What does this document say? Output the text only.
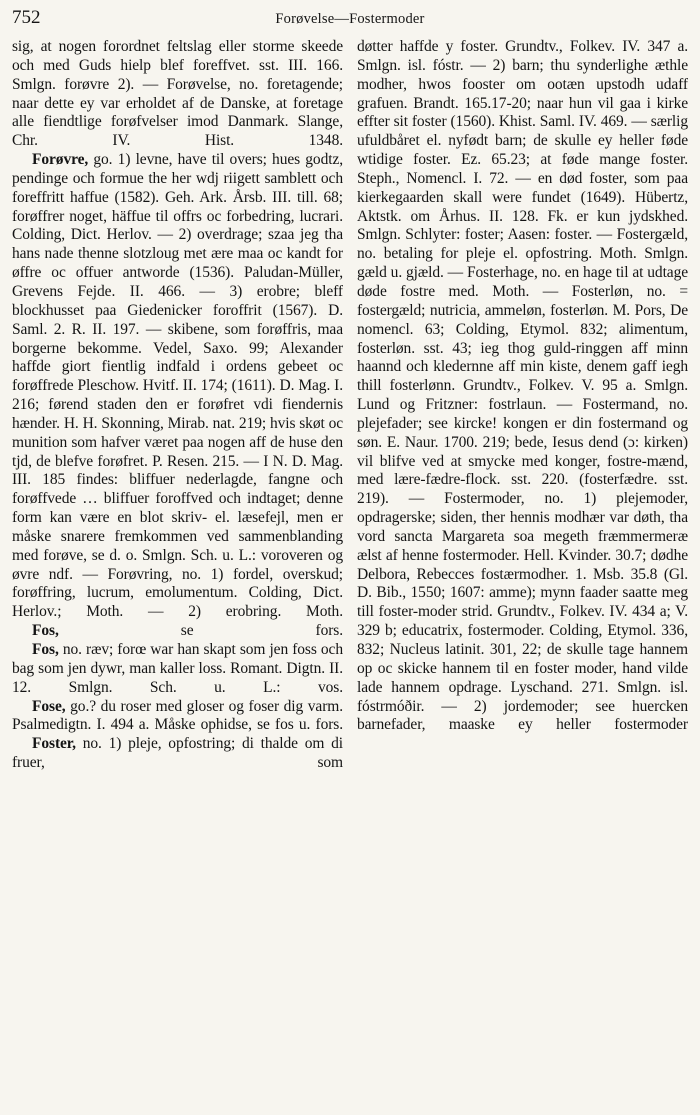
752	Forøvelse—Fostermoder

sig, at nogen forordnet feltslag eller storme skeede och med Guds hielp blef foreffvet. sst. III. 166. Smlgn. forøvre 2). — Forøvelse, no. foretagende; naar dette ey var erholdet af de Danske, at foretage alle fiendtlige forøfvelser imod Danmark. Slange, Chr. IV. Hist. 1348.

Forøvre, go. 1) levne, have til overs; hues godtz, pendinge och formue the her wdj riigett samblett och foreffritt haffue (1582). Geh. Ark. Årsb. III. till. 68; forøffrer noget, häffue til offrs oc forbedring, lucrari. Colding, Dict. Herlov. — 2) overdrage; szaa jeg tha hans nade thenne slotzloug met ære maa oc kandt for øffre oc offuer antworde (1536). Paludan-Müller, Grevens Fejde. II. 466. — 3) erobre; bleff blockhusset paa Giedenicker foroffrit (1567). D. Saml. 2. R. II. 197. — skibene, som forøffris, maa borgerne bekomme. Vedel, Saxo. 99; Alexander haffde giort fientlig indfald i ordens gebeet oc forøffrede Pleschow. Hvitf. II. 174; (1611). D. Mag. I. 216; førend staden den er forøfret vdi fiendernis hænder. H. H. Skonning, Mirab. nat. 219; hvis skøt oc munition som hafver været paa nogen aff de huse den tjd, de blefve forøfret. P. Resen. 215. — I N. D. Mag. III. 185 findes: bliffuer nederlagde, fangne och forøffvede … bliffuer foroffved och indtaget; denne form kan være en blot skriv- el. læsefejl, men er måske snarere fremkommen ved sammenblanding med forøve, se d. o. Smlgn. Sch. u. L.: voroveren og øvre ndf. — Forøvring, no. 1) fordel, overskud; forøffring, lucrum, emolumentum. Colding, Dict. Herlov.; Moth. — 2) erobring. Moth.

Fos, se fors.

Fos, no. ræv; forœ war han skapt som jen foss och bag som jen dywr, man kaller loss. Romant. Digtn. II. 12. Smlgn. Sch. u. L.: vos.

Fose, go.? du roser med gloser og foser dig varm. Psalmedigtn. I. 494 a. Måske ophidse, se fos u. fors.

Foster, no. 1) pleje, opfostring; di thalde om di fruer, som

døtter haffde y foster. Grundtv., Folkev. IV. 347 a. Smlgn. isl. fóstr. — 2) barn; thu synderlighe æthle modher, hwos fooster om ootæn upstodh udaff grafuen. Brandt. 165.17-20; naar hun vil gaa i kirke effter sit foster (1560). Khist. Saml. IV. 469. — særlig ufuldbåret el. nyfødt barn; de skulle ey heller føde wtidige foster. Ez. 65.23; at føde mange foster. Steph., Nomencl. I. 72. — en død foster, som paa kierkegaarden skall were fundet (1649). Hübertz, Aktstk. om Århus. II. 128. Fk. er kun jydskhed. Smlgn. Schlyter: foster; Aasen: foster. — Fostergæld, no. betaling for pleje el. opfostring. Moth. Smlgn. gæld u. gjæld. — Fosterhage, no. en hage til at udtage døde fostre med. Moth. — Fosterløn, no. = fostergæld; nutricia, ammeløn, fosterløn. M. Pors, De nomencl. 63; Colding, Etymol. 832; alimentum, fosterløn. sst. 43; ieg thog guld-ringgen aff minn haannd och kledernne aff min kiste, denem gaff iegh thill fosterlønn. Grundtv., Folkev. V. 95 a. Smlgn. Lund og Fritzner: fostrlaun. — Fostermand, no. plejefader; see kircke! kongen er din fostermand og søn. E. Naur. 1700. 219; bede, Iesus dend (ɔ: kirken) vil blifve ved at smycke med konger, fostre-mænd, med lære-fædre-flock. sst. 220. (fosterfædre. sst. 219). — Fostermoder, no. 1) plejemoder, opdragerske; siden, ther hennis modhær var døth, tha vord sancta Margareta soa megeth fræmmermeræ ælst af henne fostermoder. Hell. Kvinder. 30.7; dødhe Delbora, Rebecces fostærmodher. 1. Msb. 35.8 (Gl. D. Bib., 1550; 1607: amme); mynn faader saatte meg till foster-moder strid. Grundtv., Folkev. IV. 434 a; V. 329 b; educatrix, fostermoder. Colding, Etymol. 336, 832; Nucleus latinit. 301, 22; de skulle tage hannem op oc skicke hannem til en foster moder, hand vilde lade hannem opdrage. Lyschand. 271. Smlgn. isl. fóstrmóðir. — 2) jordemoder; see huercken barnefader, maaske ey heller fostermoder
